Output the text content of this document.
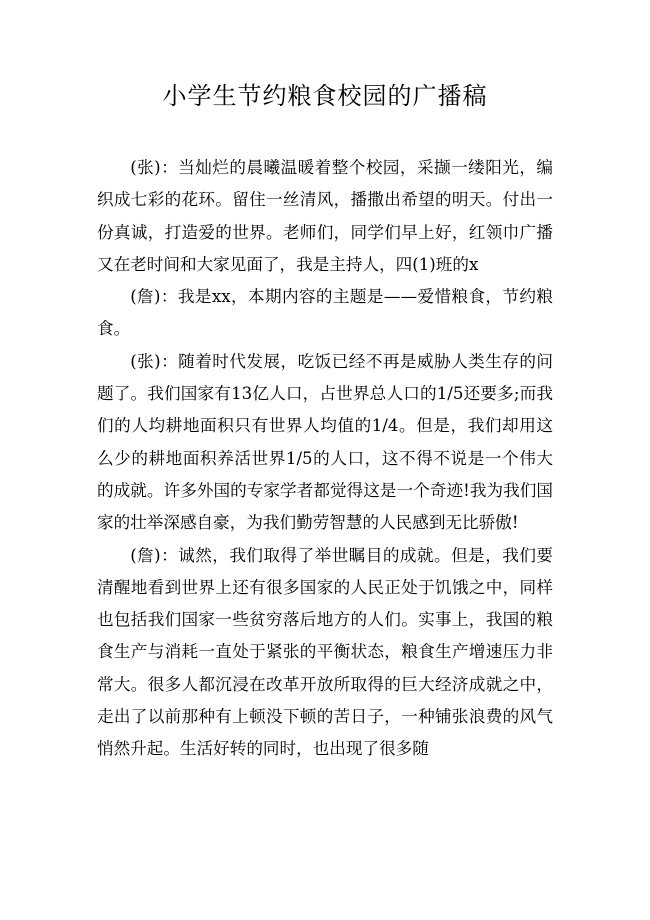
小学生节约粮食校园的广播稿

(张)：当灿烂的晨曦温暖着整个校园，采撷一缕阳光，编织成七彩的花环。留住一丝清风，播撒出希望的明天。付出一份真诚，打造爱的世界。老师们，同学们早上好，红领巾广播又在老时间和大家见面了，我是主持人，四(1)班的x

(詹)：我是xx，本期内容的主题是——爱惜粮食，节约粮食。

(张)：随着时代发展，吃饭已经不再是威胁人类生存的问题了。我们国家有13亿人口，占世界总人口的1/5还要多;而我们的人均耕地面积只有世界人均值的1/4。但是，我们却用这么少的耕地面积养活世界1/5的人口，这不得不说是一个伟大的成就。许多外国的专家学者都觉得这是一个奇迹!我为我们国家的壮举深感自豪，为我们勤劳智慧的人民感到无比骄傲!

(詹)：诚然，我们取得了举世瞩目的成就。但是，我们要清醒地看到世界上还有很多国家的人民正处于饥饿之中，同样也包括我们国家一些贫穷落后地方的人们。实事上，我国的粮食生产与消耗一直处于紧张的平衡状态，粮食生产增速压力非常大。很多人都沉浸在改革开放所取得的巨大经济成就之中，走出了以前那种有上顿没下顿的苦日子，一种铺张浪费的风气悄然升起。生活好转的同时，也出现了很多随
